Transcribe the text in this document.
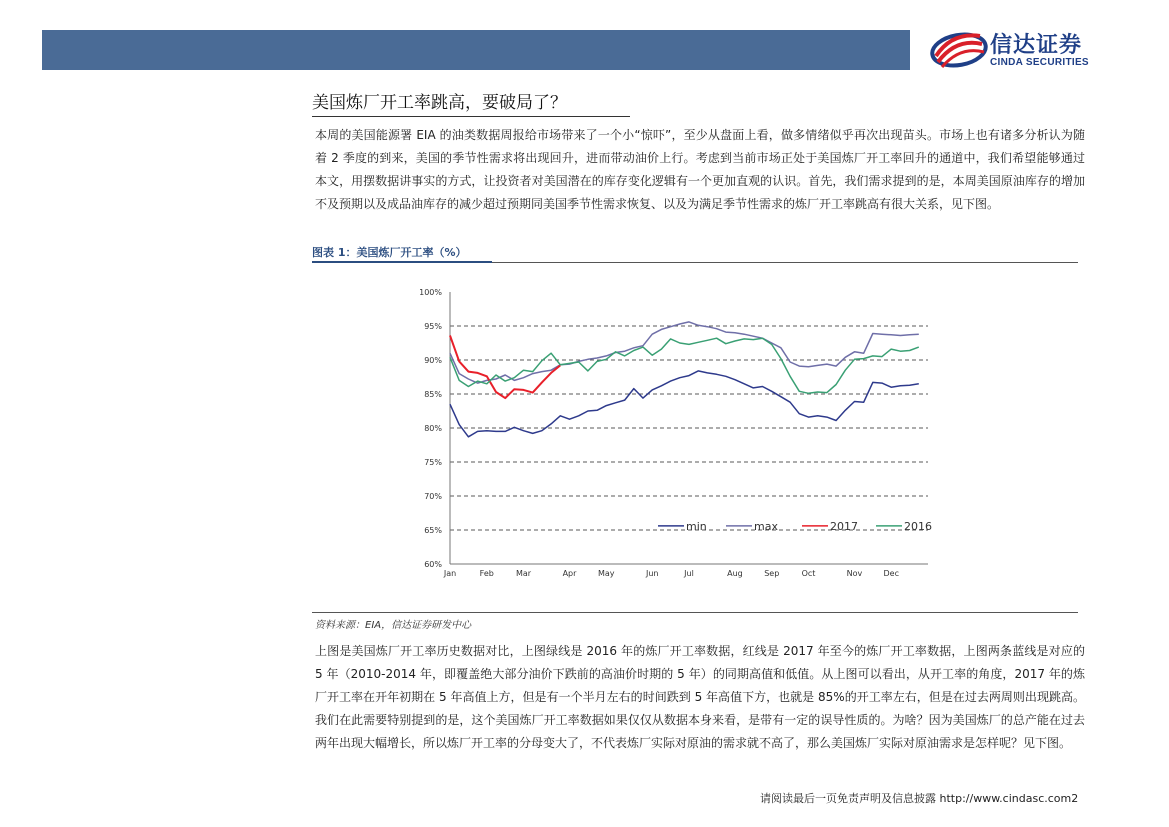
信达证券
CINDA SECURITIES
美国炼厂开工率跳高，要破局了？

本周的美国能源署 EIA 的油类数据周报给市场带来了一个小“惊吓”，至少从盘面上看，做多情绪似乎再次出现苗头。市场上也有诸多分析认为随着 2 季度的到来，美国的季节性需求将出现回升，进而带动油价上行。考虑到当前市场正处于美国炼厂开工率回升的通道中，我们希望能够通过本文，用摆数据讲事实的方式，让投资者对美国潜在的库存变化逻辑有一个更加直观的认识。首先，我们需求提到的是，本周美国原油库存的增加不及预期以及成品油库存的减少超过预期同美国季节性需求恢复、以及为满足季节性需求的炼厂开工率跳高有很大关系，见下图。

图表 1：美国炼厂开工率（%）
60%
65%
70%
75%
80%
85%
90%
95%
100%
Jan	Feb	Mar	Apr	May	Jun	Jul	Aug	Sep	Oct	Nov	Dec
min	max	2017	2016
资料来源：EIA，信达证券研发中心

上图是美国炼厂开工率历史数据对比，上图绿线是 2016 年的炼厂开工率数据，红线是 2017 年至今的炼厂开工率数据，上图两条蓝线是对应的 5 年（2010-2014 年，即覆盖绝大部分油价下跌前的高油价时期的 5 年）的同期高值和低值。从上图可以看出，从开工率的角度，2017 年的炼厂开工率在开年初期在 5 年高值上方，但是有一个半月左右的时间跌到 5 年高值下方，也就是 85%的开工率左右，但是在过去两周则出现跳高。我们在此需要特别提到的是，这个美国炼厂开工率数据如果仅仅从数据本身来看，是带有一定的误导性质的。为啥？因为美国炼厂的总产能在过去两年出现大幅增长，所以炼厂开工率的分母变大了，不代表炼厂实际对原油的需求就不高了，那么美国炼厂实际对原油需求是怎样呢？见下图。

请阅读最后一页免责声明及信息披露 http://www.cindasc.com2
